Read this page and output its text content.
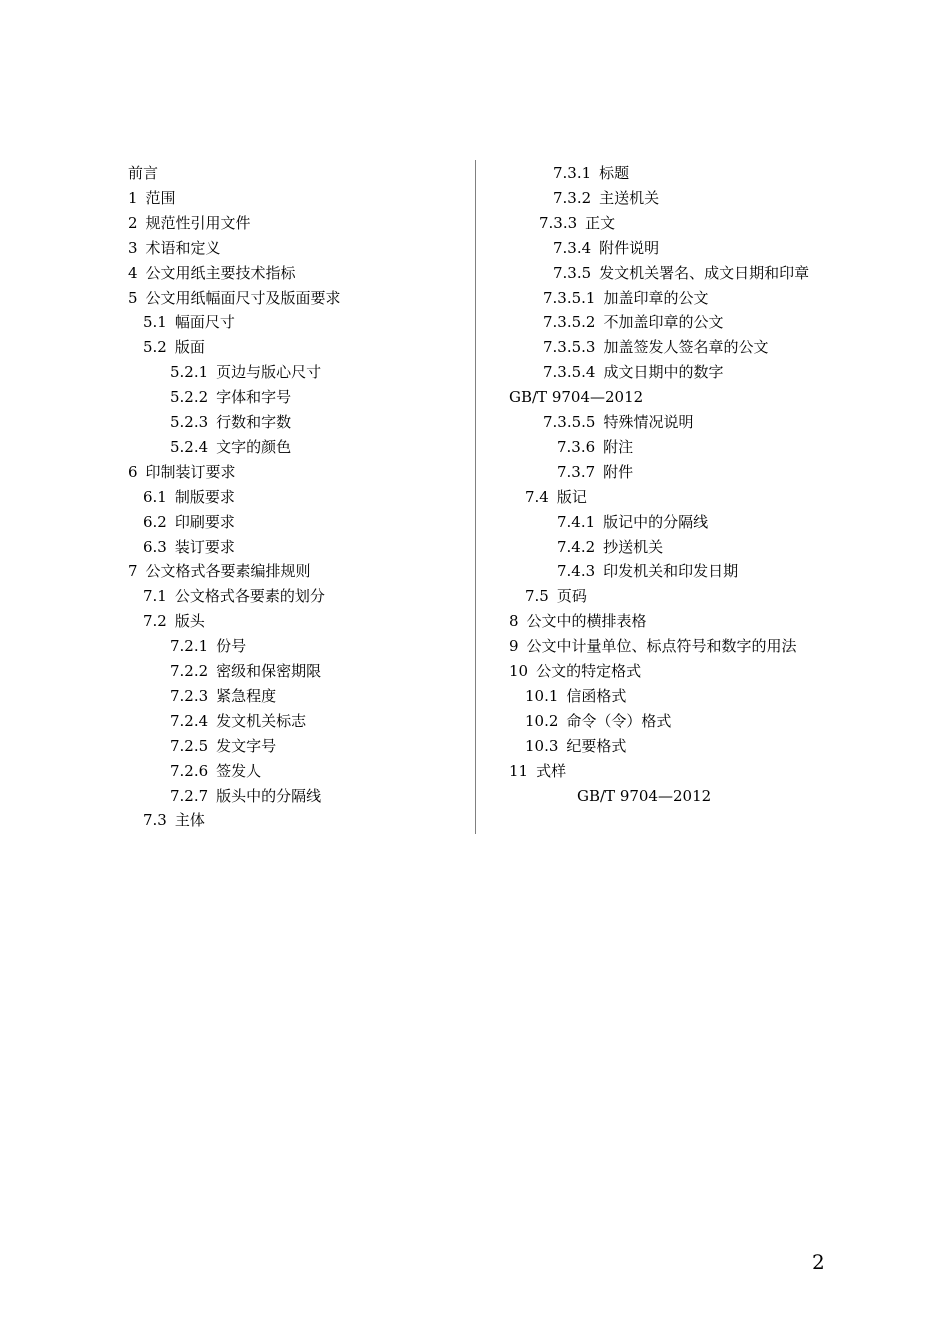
前言
1 范围
2 规范性引用文件
3 术语和定义
4 公文用纸主要技术指标
5 公文用纸幅面尺寸及版面要求
5.1 幅面尺寸
5.2 版面
5.2.1 页边与版心尺寸
5.2.2 字体和字号
5.2.3 行数和字数
5.2.4 文字的颜色
6 印制装订要求
6.1 制版要求
6.2 印刷要求
6.3 装订要求
7 公文格式各要素编排规则
7.1 公文格式各要素的划分
7.2 版头
7.2.1 份号
7.2.2 密级和保密期限
7.2.3 紧急程度
7.2.4 发文机关标志
7.2.5 发文字号
7.2.6 签发人
7.2.7 版头中的分隔线
7.3 主体
7.3.1 标题
7.3.2 主送机关
7.3.3 正文
7.3.4 附件说明
7.3.5 发文机关署名、成文日期和印章
7.3.5.1 加盖印章的公文
7.3.5.2 不加盖印章的公文
7.3.5.3 加盖签发人签名章的公文
7.3.5.4 成文日期中的数字
GB/T 9704—2012
7.3.5.5 特殊情况说明
7.3.6 附注
7.3.7 附件
7.4 版记
7.4.1 版记中的分隔线
7.4.2 抄送机关
7.4.3 印发机关和印发日期
7.5 页码
8 公文中的横排表格
9 公文中计量单位、标点符号和数字的用法
10 公文的特定格式
10.1 信函格式
10.2 命令（令）格式
10.3 纪要格式
11 式样
GB/T 9704—2012
2
